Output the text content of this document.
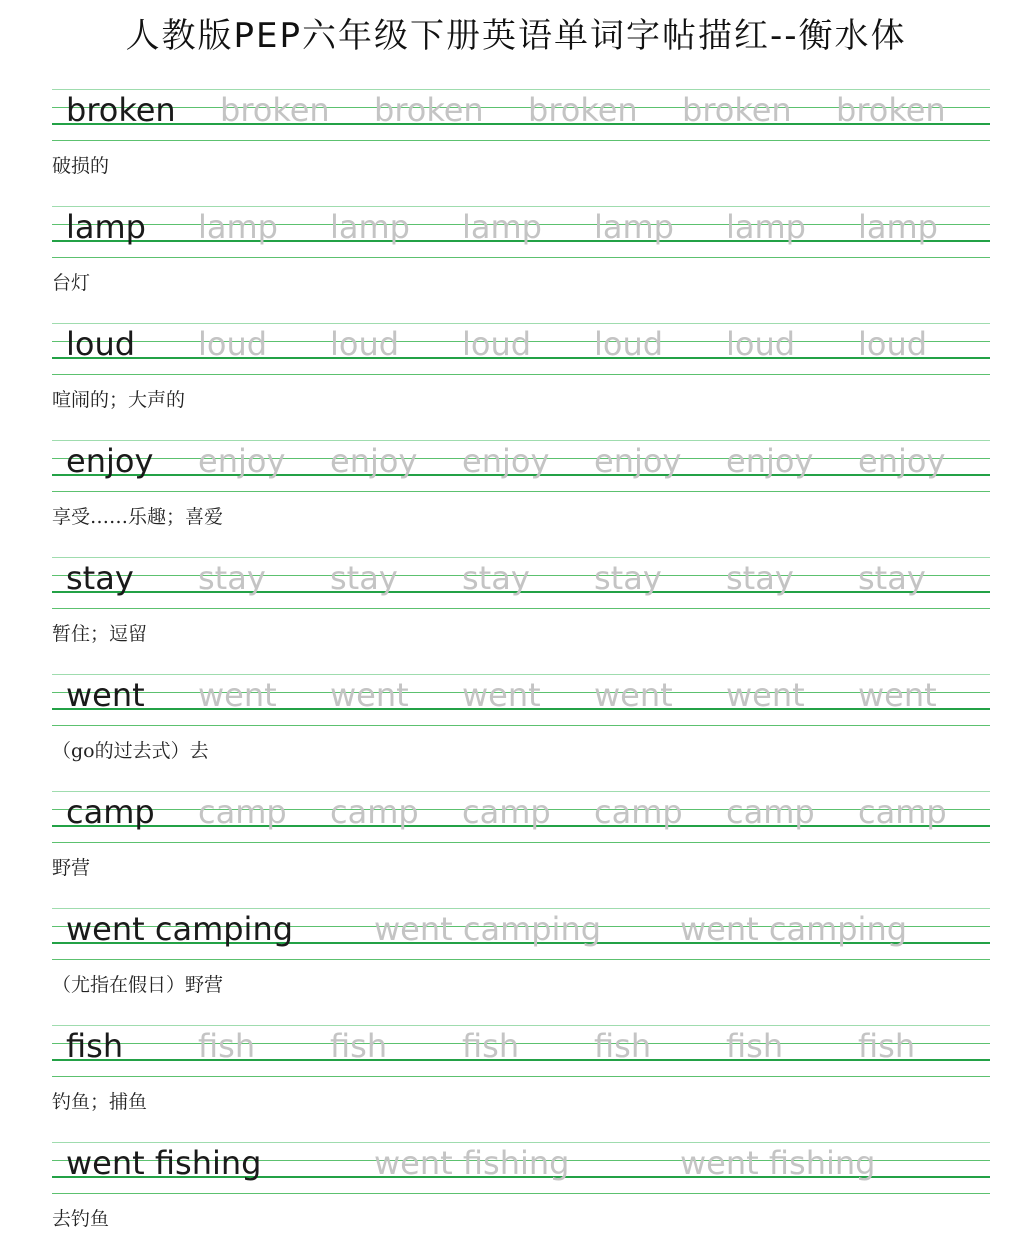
人教版PEP六年级下册英语单词字帖描红--衡水体
broken broken broken broken broken broken
破损的
lamp lamp lamp lamp lamp lamp lamp
台灯
loud loud loud loud loud loud loud
喧闹的；大声的
enjoy enjoy enjoy enjoy enjoy enjoy enjoy
享受……乐趣；喜爱
stay stay stay stay stay stay stay
暂住；逗留
went went went went went went went
（go的过去式）去
camp camp camp camp camp camp camp
野营
went camping	went camping went camping
（尤指在假日）野营
fish fish fish fish fish fish fish
钓鱼；捕鱼
went fishing	went fishing	went fishing
去钓鱼
